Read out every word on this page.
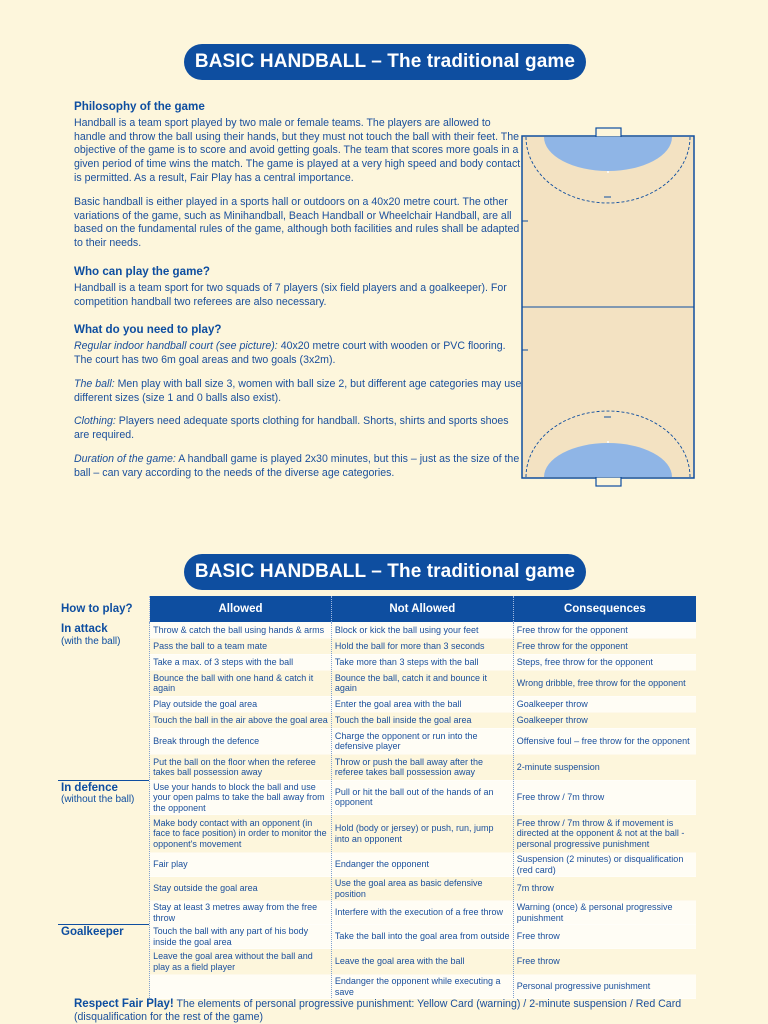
BASIC HANDBALL – The traditional game
Philosophy of the game

Handball is a team sport played by two male or female teams. The players are allowed to handle and throw the ball using their hands, but they must not touch the ball with their feet. The objective of the game is to score and avoid getting goals. The team that scores more goals in a given period of time wins the match. The game is played at a very high speed and body contact is permitted. As a result, Fair Play has a central importance.

Basic handball is either played in a sports hall or outdoors on a 40x20 metre court. The other variations of the game, such as Minihandball, Beach Handball or Wheelchair Handball, are all based on the fundamental rules of the game, although both facilities and rules shall be adapted to their needs.

Who can play the game?

Handball is a team sport for two squads of 7 players (six field players and a goalkeeper). For competition handball two referees are also necessary.

What do you need to play?

Regular indoor handball court (see picture): 40x20 metre court with wooden or PVC flooring. The court has two 6m goal areas and two goals (3x2m).

The ball: Men play with ball size 3, women with ball size 2, but different age categories may use different sizes (size 1 and 0 balls also exist).

Clothing: Players need adequate sports clothing for handball. Shorts, shirts and sports shoes are required.

Duration of the game: A handball game is played 2x30 minutes, but this – just as the size of the ball – can vary according to the needs of the diverse age categories.

BASIC HANDBALL – The traditional game
How to play?	Allowed	Not Allowed	Consequences

In attack
(with the ball)	Throw & catch the ball using hands & arms	Block or kick the ball using your feet	Free throw for the opponent
	Pass the ball to a team mate	Hold the ball for more than 3 seconds	Free throw for the opponent
	Take a max. of 3 steps with the ball	Take more than 3 steps with the ball	Steps, free throw for the opponent
	Bounce the ball with one hand & catch it again	Bounce the ball, catch it and bounce it again	Wrong dribble, free throw for the opponent
	Play outside the goal area	Enter the goal area with the ball	Goalkeeper throw
	Touch the ball in the air above the goal area	Touch the ball inside the goal area	Goalkeeper throw
	Break through the defence	Charge the opponent or run into the defensive player	Offensive foul – free throw for the opponent
	Put the ball on the floor when the referee takes ball possession away	Throw or push the ball away after the referee takes ball possession away	2-minute suspension

In defence
(without the ball)	Use your hands to block the ball and use your open palms to take the ball away from the opponent	Pull or hit the ball out of the hands of an opponent	Free throw / 7m throw
	Make body contact with an opponent (in face to face position) in order to monitor the opponent's movement	Hold (body or jersey) or push, run, jump into an opponent	Free throw / 7m throw & if movement is directed at the opponent & not at the ball - personal progressive punishment
	Fair play	Endanger the opponent	Suspension (2 minutes) or disqualification (red card)
	Stay outside the goal area	Use the goal area as basic defensive position	7m throw
	Stay at least 3 metres away from the free throw	Interfere with the execution of a free throw	Warning (once) & personal progressive punishment

Goalkeeper	Touch the ball with any part of his body inside the goal area	Take the ball into the goal area from outside	Free throw
	Leave the goal area without the ball and play as a field player	Leave the goal area with the ball	Free throw
		Endanger the opponent while executing a save	Personal progressive punishment
Respect Fair Play! The elements of personal progressive punishment: Yellow Card (warning) / 2-minute suspension / Red Card (disqualification for the rest of the game)
